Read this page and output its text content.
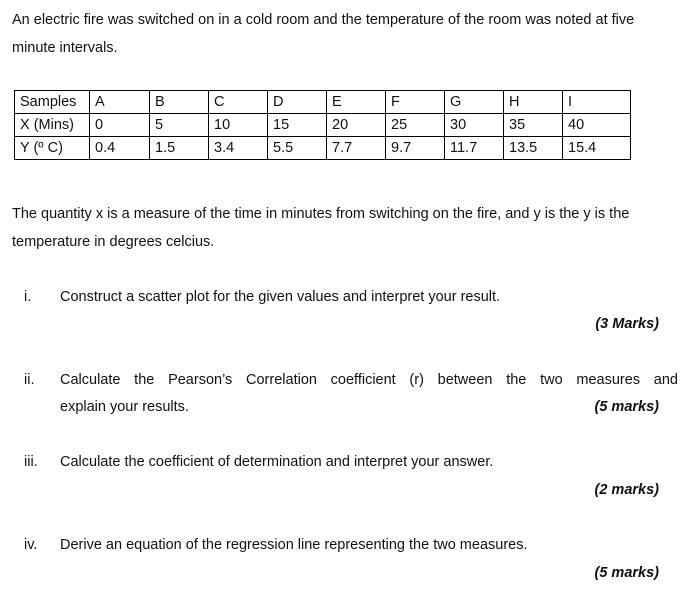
An electric fire was switched on in a cold room and the temperature of the room was noted at five minute intervals.

Samples	A	B	C	D	E	F	G	H	I
X (Mins)	0	5	10	15	20	25	30	35	40
Y (º C)	0.4	1.5	3.4	5.5	7.7	9.7	11.7	13.5	15.4

The quantity x is a measure of the time in minutes from switching on the fire, and y is the y is the temperature in degrees celcius.

i.	Construct a scatter plot for the given values and interpret your result.
(3 Marks)
ii.	Calculate the Pearson’s Correlation coefficient (r) between the two measures and
explain your results.	(5 marks)
iii.	Calculate the coefficient of determination and interpret your answer.
(2 marks)
iv.	Derive an equation of the regression line representing the two measures.
(5 marks)
